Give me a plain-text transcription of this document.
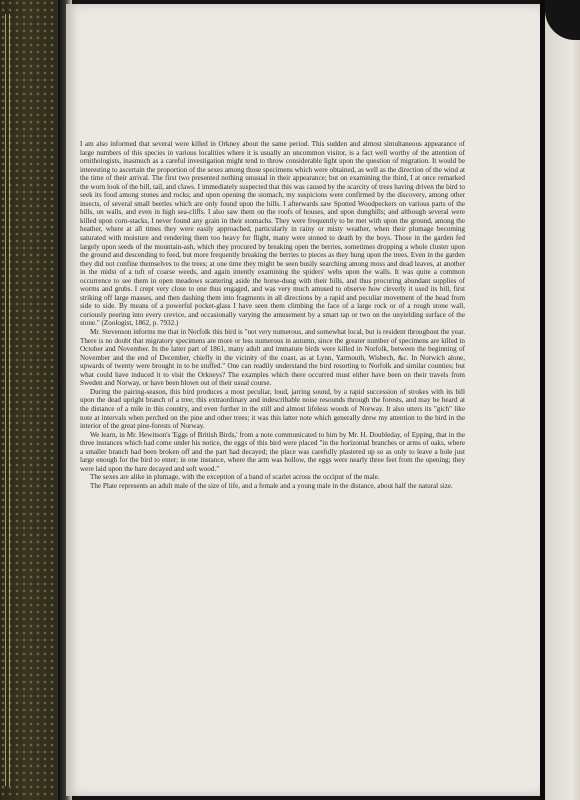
I am also informed that several were killed in Orkney about the same period. This sudden and almost simultaneous appearance of large numbers of this species in various localities where it is usually an uncommon visitor, is a fact well worthy of the attention of ornithologists, inasmuch as a careful investigation might tend to throw considerable light upon the question of migration. It would be interesting to ascertain the proportion of the sexes among those specimens which were obtained, as well as the direction of the wind at the time of their arrival. The first two presented nothing unusual in their appearance; but on examining the third, I at once remarked the worn look of the bill, tail, and claws. I immediately suspected that this was caused by the scarcity of trees having driven the bird to seek its food among stones and rocks; and upon opening the stomach, my suspicions were confirmed by the discovery, among other insects, of several small beetles which are only found upon the hills. I afterwards saw Spotted Woodpeckers on various parts of the hills, on walls, and even in high sea-cliffs. I also saw them on the roofs of houses, and upon dunghills; and although several were killed upon corn-stacks, I never found any grain in their stomachs. They were frequently to be met with upon the ground, among the heather, where at all times they were easily approached, particularly in rainy or misty weather, when their plumage becoming saturated with moisture and rendering them too heavy for flight, many were stoned to death by the boys. Those in the garden fed largely upon seeds of the mountain-ash, which they procured by breaking open the berries, sometimes dropping a whole cluster upon the ground and descending to feed, but more frequently breaking the berries to pieces as they hung upon the trees. Even in the garden they did not confine themselves to the trees; at one time they might be seen busily searching among moss and dead leaves, at another in the midst of a tuft of coarse weeds, and again intently examining the spiders' webs upon the walls. It was quite a common occurrence to see them in open meadows scattering aside the horse-dung with their bills, and thus procuring abundant supplies of worms and grubs. I crept very close to one thus engaged, and was very much amused to observe how cleverly it used its bill, first striking off large masses, and then dashing them into fragments in all directions by a rapid and peculiar movement of the head from side to side. By means of a powerful pocket-glass I have seen them climbing the face of a large rock or of a rough stone wall, curiously peering into every crevice, and occasionally varying the amusement by a smart tap or two on the unyielding surface of the stone." (Zoologist, 1862, p. 7932.)

Mr. Stevenson informs me that in Norfolk this bird is "not very numerous, and somewhat local, but is resident throughout the year. There is no doubt that migratory specimens are more or less numerous in autumn, since the greater number of specimens are killed in October and November. In the latter part of 1861, many adult and immature birds were killed in Norfolk, between the beginning of November and the end of December, chiefly in the vicinity of the coast, as at Lynn, Yarmouth, Wisbech, &c. In Norwich alone, upwards of twenty were brought in to be stuffed." One can readily understand the bird resorting to Norfolk and similar counties; but what could have induced it to visit the Orkneys? The examples which there occurred must either have been on their travels from Sweden and Norway, or have been blown out of their usual course.

During the pairing-season, this bird produces a most peculiar, loud, jarring sound, by a rapid succession of strokes with its bill upon the dead upright branch of a tree; this extraordinary and indescribable noise resounds through the forests, and may be heard at the distance of a mile in this country, and even further in the still and almost lifeless woods of Norway. It also utters its "gich" like note at intervals when perched on the pine and other trees; it was this latter note which generally drew my attention to the bird in the interior of the great pine-forests of Norway.

We learn, in Mr. Hewitson's 'Eggs of British Birds,' from a note communicated to him by Mr. H. Doubleday, of Epping, that in the three instances which had come under his notice, the eggs of this bird were placed "in the horizontal branches or arms of oaks, where a smaller branch had been broken off and the part had decayed; the place was carefully plastered up so as only to leave a hole just large enough for the bird to enter; in one instance, where the arm was hollow, the eggs were nearly three feet from the opening; they were laid upon the bare decayed and soft wood."

The sexes are alike in plumage, with the exception of a band of scarlet across the occiput of the male.

The Plate represents an adult male of the size of life, and a female and a young male in the distance, about half the natural size.
